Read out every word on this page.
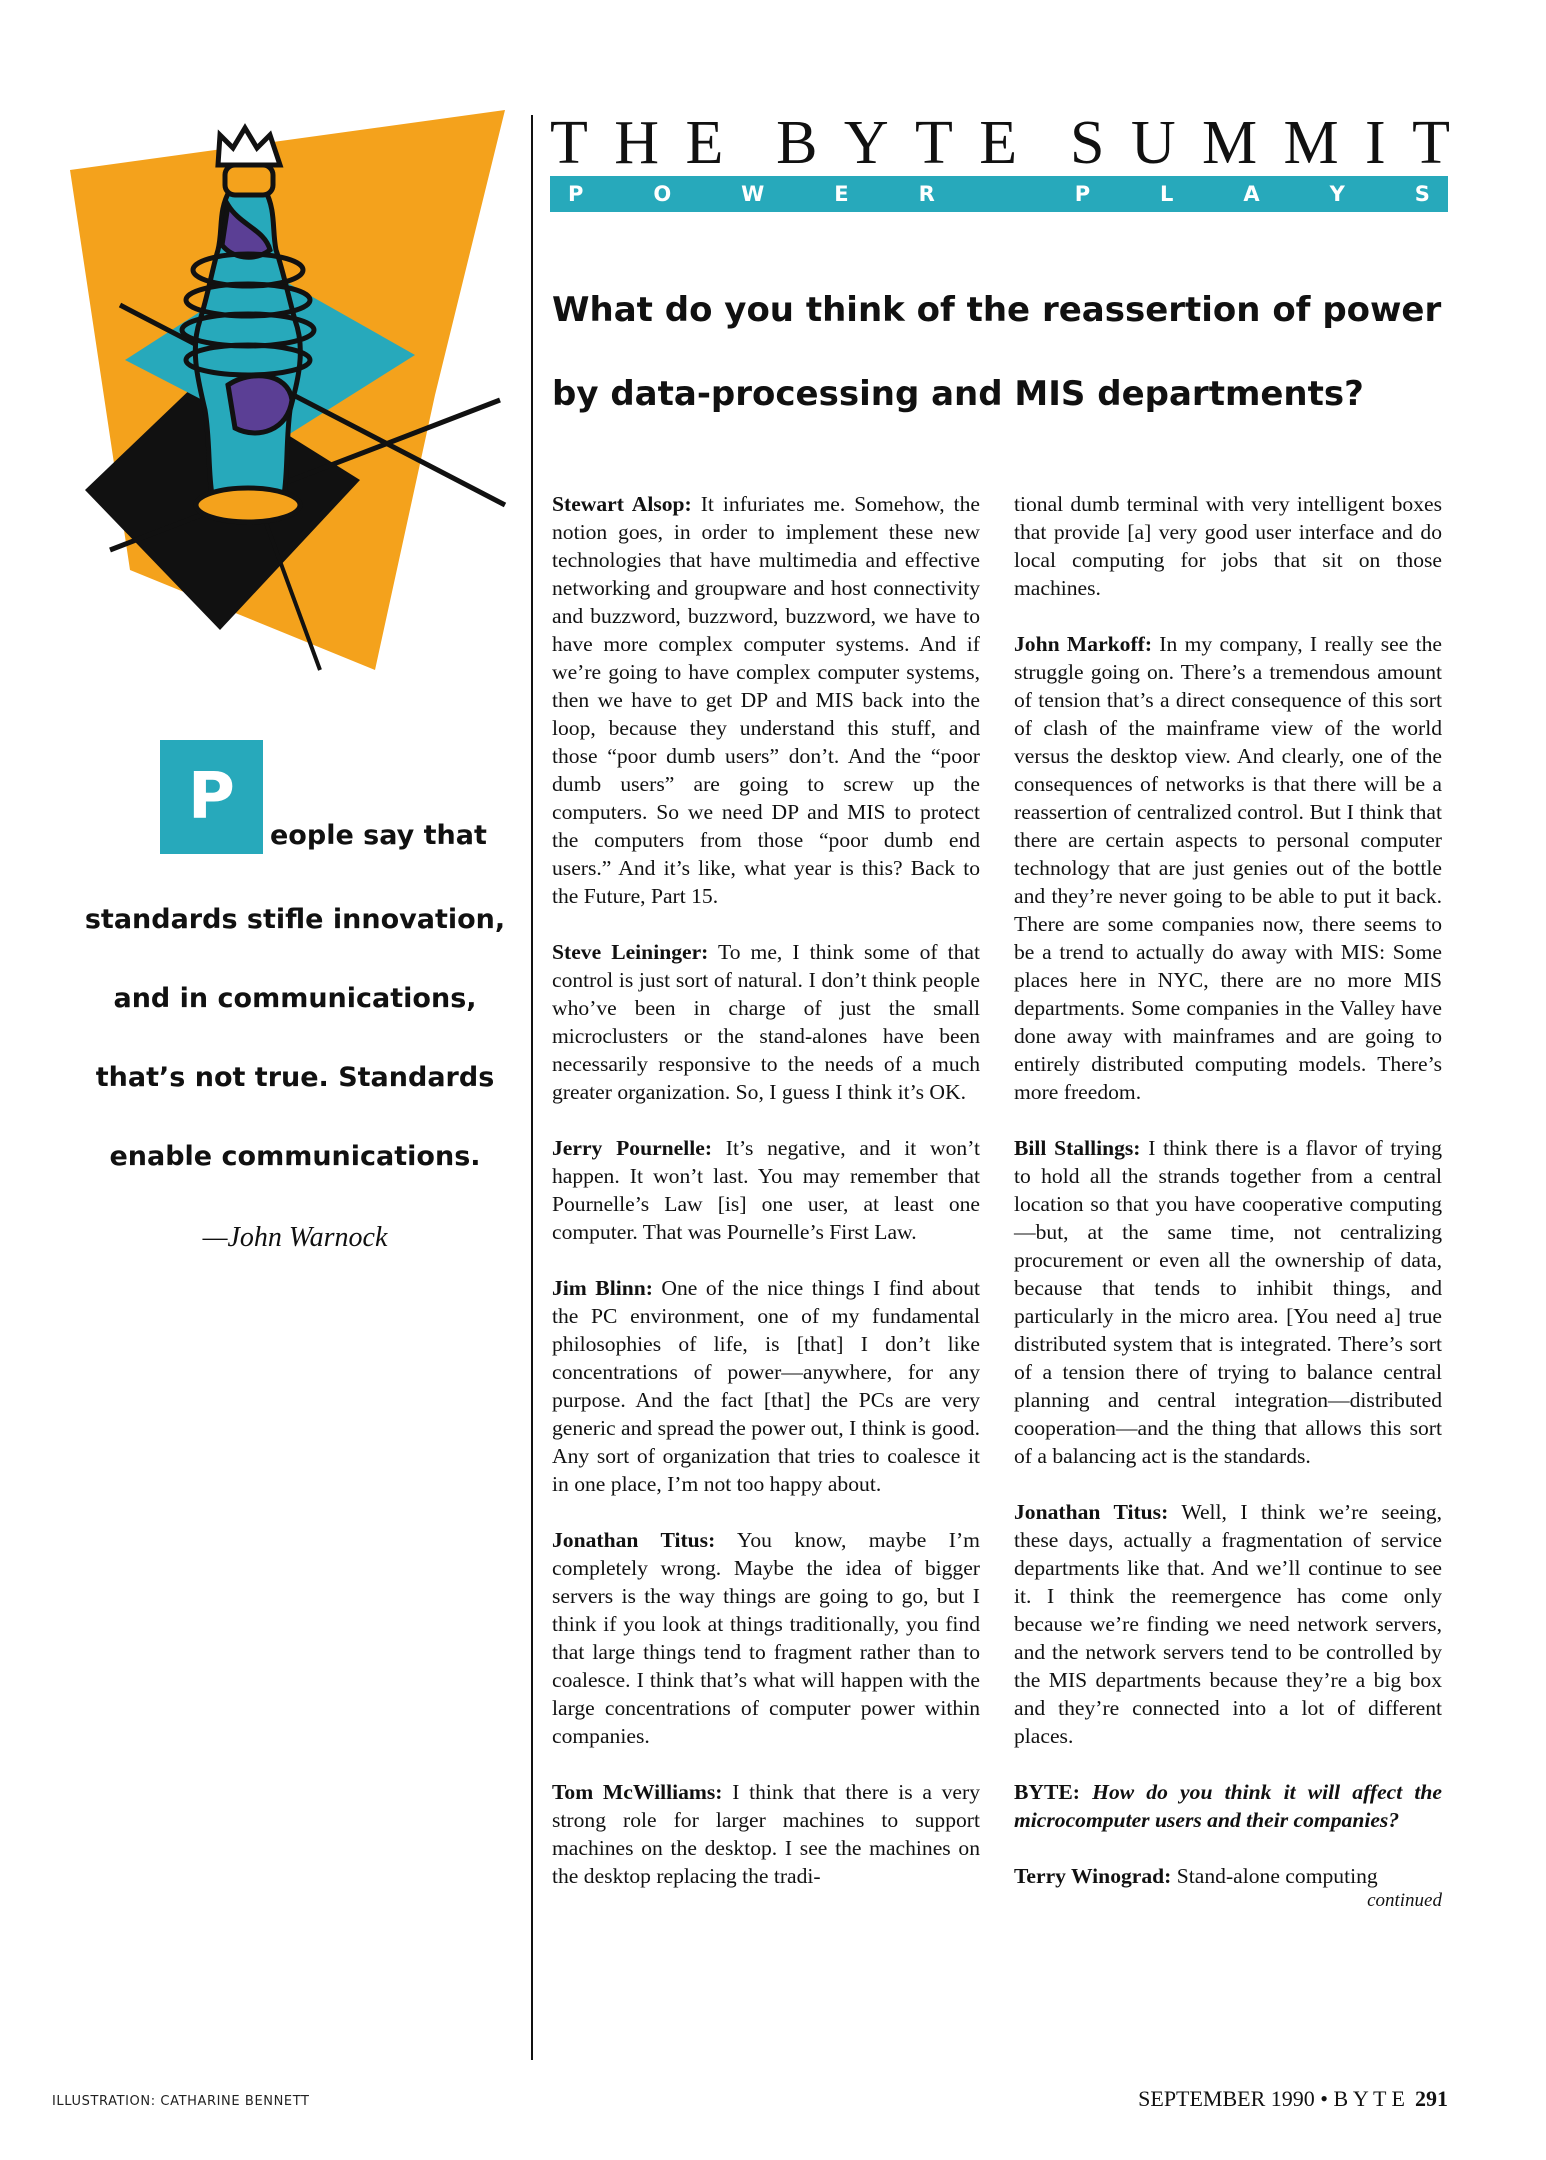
P
eople say that
standards stifle innovation,
and in communications,
that’s not true. Standards
enable communications.
—John Warnock
T H E B Y T E S U M M I T
P	O	W	E	R	P	L	A	Y	S
What do you think of the reassertion of power
by data-processing and MIS departments?

Stewart Alsop: It infuriates me. Somehow, the notion goes, in order to implement these new technologies that have multimedia and effective networking and groupware and host connectivity and buzzword, buzzword, buzzword, we have to have more complex computer systems. And if we’re going to have complex computer systems, then we have to get DP and MIS back into the loop, because they understand this stuff, and those “poor dumb users” don’t. And the “poor dumb users” are going to screw up the computers. So we need DP and MIS to protect the computers from those “poor dumb end users.” And it’s like, what year is this? Back to the Future, Part 15.

Steve Leininger: To me, I think some of that control is just sort of natural. I don’t think people who’ve been in charge of just the small microclusters or the stand-alones have been necessarily responsive to the needs of a much greater organization. So, I guess I think it’s OK.

Jerry Pournelle: It’s negative, and it won’t happen. It won’t last. You may remember that Pournelle’s Law [is] one user, at least one computer. That was Pournelle’s First Law.

Jim Blinn: One of the nice things I find about the PC environment, one of my fundamental philosophies of life, is [that] I don’t like concentrations of power—anywhere, for any purpose. And the fact [that] the PCs are very generic and spread the power out, I think is good. Any sort of organization that tries to coalesce it in one place, I’m not too happy about.

Jonathan Titus: You know, maybe I’m completely wrong. Maybe the idea of bigger servers is the way things are going to go, but I think if you look at things traditionally, you find that large things tend to fragment rather than to coalesce. I think that’s what will happen with the large concentrations of computer power within companies.

Tom McWilliams: I think that there is a very strong role for larger machines to support machines on the desktop. I see the machines on the desktop replacing the tradi-

tional dumb terminal with very intelligent boxes that provide [a] very good user interface and do local computing for jobs that sit on those machines.

John Markoff: In my company, I really see the struggle going on. There’s a tremendous amount of tension that’s a direct consequence of this sort of clash of the mainframe view of the world versus the desktop view. And clearly, one of the consequences of networks is that there will be a reassertion of centralized control. But I think that there are certain aspects to personal computer technology that are just genies out of the bottle and they’re never going to be able to put it back. There are some companies now, there seems to be a trend to actually do away with MIS: Some places here in NYC, there are no more MIS departments. Some companies in the Valley have done away with mainframes and are going to entirely distributed computing models. There’s more freedom.

Bill Stallings: I think there is a flavor of trying to hold all the strands together from a central location so that you have cooperative computing—but, at the same time, not centralizing procurement or even all the ownership of data, because that tends to inhibit things, and particularly in the micro area. [You need a] true distributed system that is integrated. There’s sort of a tension there of trying to balance central planning and central integration—distributed cooperation—and the thing that allows this sort of a balancing act is the standards.

Jonathan Titus: Well, I think we’re seeing, these days, actually a fragmentation of service departments like that. And we’ll continue to see it. I think the reemergence has come only because we’re finding we need network servers, and the network servers tend to be controlled by the MIS departments because they’re a big box and they’re connected into a lot of different places.

BYTE: How do you think it will affect the microcomputer users and their companies?

Terry Winograd: Stand-alone computing

continued
ILLUSTRATION: CATHARINE BENNETT	SEPTEMBER 1990 • B Y T E 291
